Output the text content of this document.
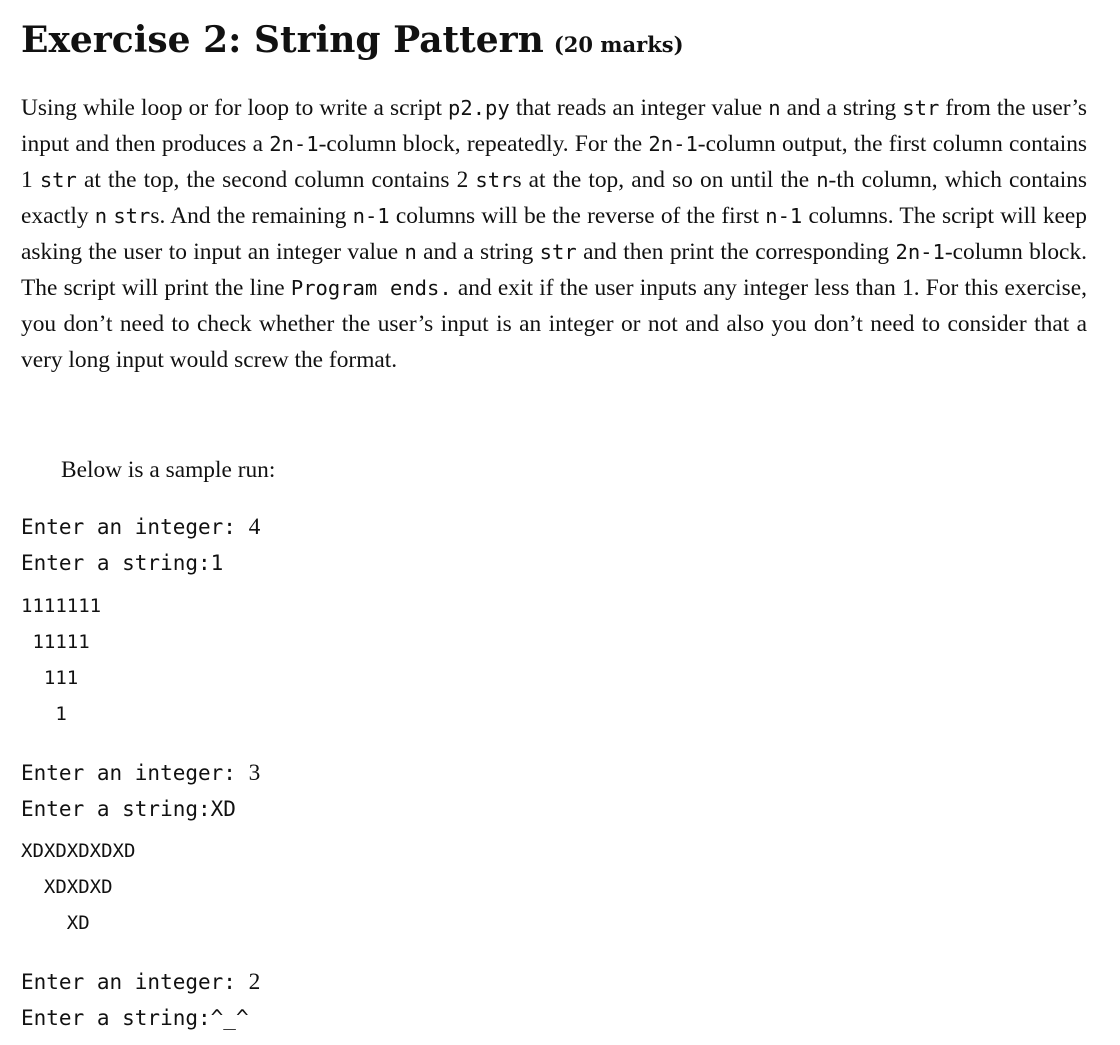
Exercise 2: String Pattern (20 marks)
Using while loop or for loop to write a script p2.py that reads an integer value n and a string str from the user’s input and then produces a 2n-1-column block, repeatedly. For the 2n-1-column output, the first column contains 1 str at the top, the second column contains 2 strs at the top, and so on until the n-th column, which contains exactly n strs. And the remaining n-1 columns will be the reverse of the first n-1 columns. The script will keep asking the user to input an integer value n and a string str and then print the corresponding 2n-1-column block. The script will print the line Program ends. and exit if the user inputs any integer less than 1. For this exercise, you don’t need to check whether the user’s input is an integer or not and also you don’t need to consider that a very long input would screw the format.
Below is a sample run:
Enter an integer: 4
Enter a string:1
1111111
11111
111
1
Enter an integer: 3
Enter a string:XD
XDXDXDXDXD
XDXDXD
XD
Enter an integer: 2
Enter a string:^_^
